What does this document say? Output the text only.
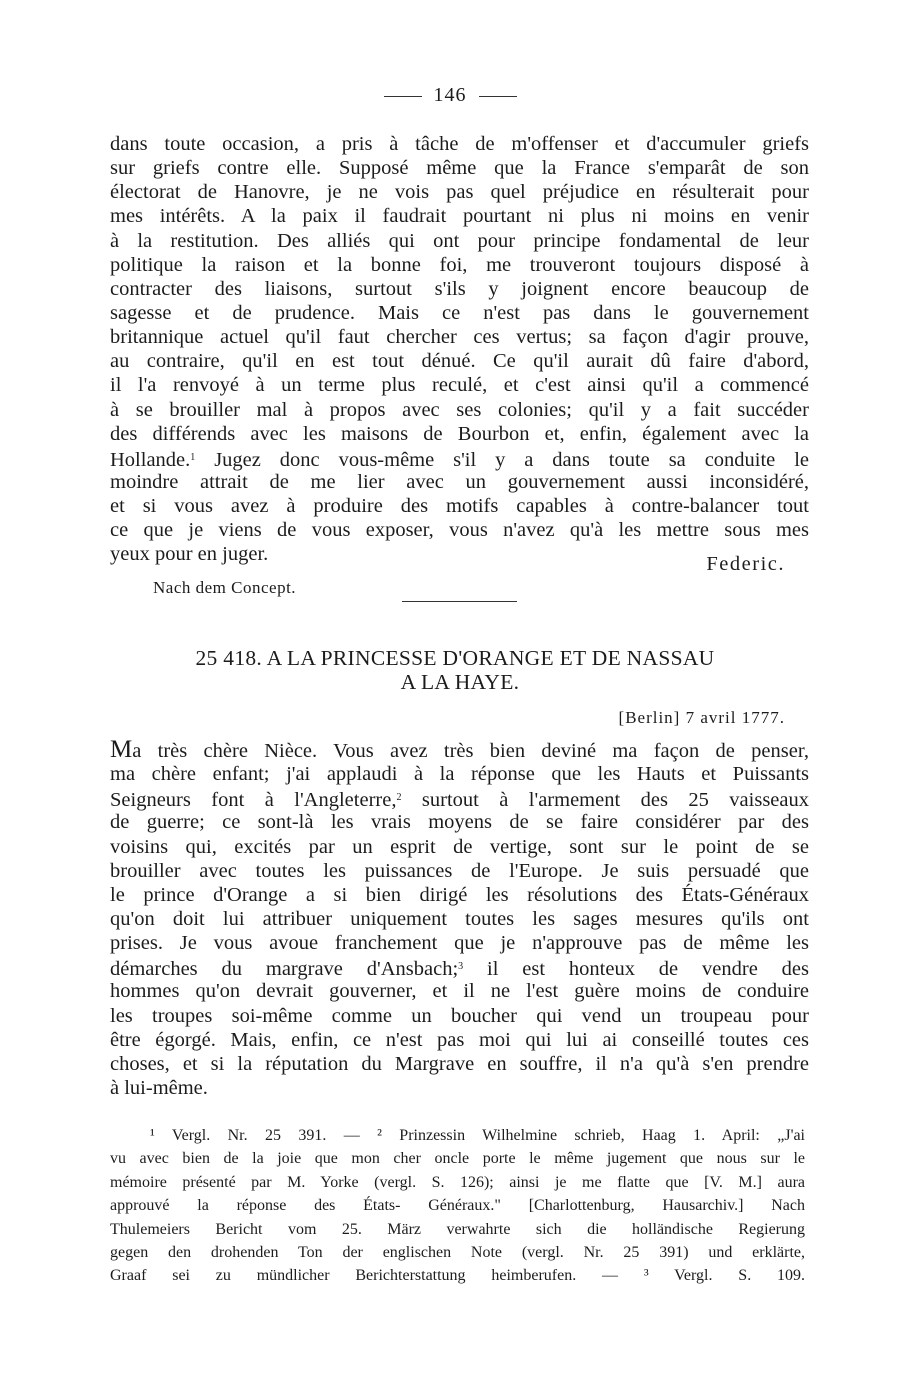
146
dans toute occasion, a pris à tâche de m'offenser et d'accumuler griefs
sur griefs contre elle. Supposé même que la France s'emparât de son
électorat de Hanovre, je ne vois pas quel préjudice en résulterait pour
mes intérêts. A la paix il faudrait pourtant ni plus ni moins en venir
à la restitution. Des alliés qui ont pour principe fondamental de leur
politique la raison et la bonne foi, me trouveront toujours disposé à
contracter des liaisons, surtout s'ils y joignent encore beaucoup de
sagesse et de prudence. Mais ce n'est pas dans le gouvernement
britannique actuel qu'il faut chercher ces vertus; sa façon d'agir prouve,
au contraire, qu'il en est tout dénué. Ce qu'il aurait dû faire d'abord,
il l'a renvoyé à un terme plus reculé, et c'est ainsi qu'il a commencé
à se brouiller mal à propos avec ses colonies; qu'il y a fait succéder
des différends avec les maisons de Bourbon et, enfin, également avec la
Hollande.$^1$ Jugez donc vous-même s'il y a dans toute sa conduite le
moindre attrait de me lier avec un gouvernement aussi inconsidéré,
et si vous avez à produire des motifs capables à contre-balancer tout
ce que je viens de vous exposer, vous n'avez qu'à les mettre sous mes
yeux pour en juger.	Federic.
Nach dem Concept.
25 418. A LA PRINCESSE D'ORANGE ET DE NASSAU
A LA HAYE.
[Berlin] 7 avril 1777.
Ma très chère Nièce. Vous avez très bien deviné ma façon de penser,
ma chère enfant; j'ai applaudi à la réponse que les Hauts et Puissants
Seigneurs font à l'Angleterre,$^2$ surtout à l'armement des 25 vaisseaux
de guerre; ce sont-là les vrais moyens de se faire considérer par des
voisins qui, excités par un esprit de vertige, sont sur le point de se
brouiller avec toutes les puissances de l'Europe. Je suis persuadé que
le prince d'Orange a si bien dirigé les résolutions des États-Généraux
qu'on doit lui attribuer uniquement toutes les sages mesures qu'ils ont
prises. Je vous avoue franchement que je n'approuve pas de même les
démarches du margrave d'Ansbach;$^3$ il est honteux de vendre des
hommes qu'on devrait gouverner, et il ne l'est guère moins de conduire
les troupes soi-même comme un boucher qui vend un troupeau pour
être égorgé. Mais, enfin, ce n'est pas moi qui lui ai conseillé toutes ces
choses, et si la réputation du Margrave en souffre, il n'a qu'à s'en prendre
à lui-même.
¹ Vergl. Nr. 25 391. — ² Prinzessin Wilhelmine schrieb, Haag 1. April: „J'ai
vu avec bien de la joie que mon cher oncle porte le même jugement que nous sur le
mémoire présenté par M. Yorke (vergl. S. 126); ainsi je me flatte que [V. M.] aura
approuvé la réponse des États- Généraux." [Charlottenburg, Hausarchiv.] Nach
Thulemeiers Bericht vom 25. März verwahrte sich die holländische Regierung
gegen den drohenden Ton der englischen Note (vergl. Nr. 25 391) und erklärte,
Graaf sei zu mündlicher Berichterstattung heimberufen. — ³ Vergl. S. 109.
